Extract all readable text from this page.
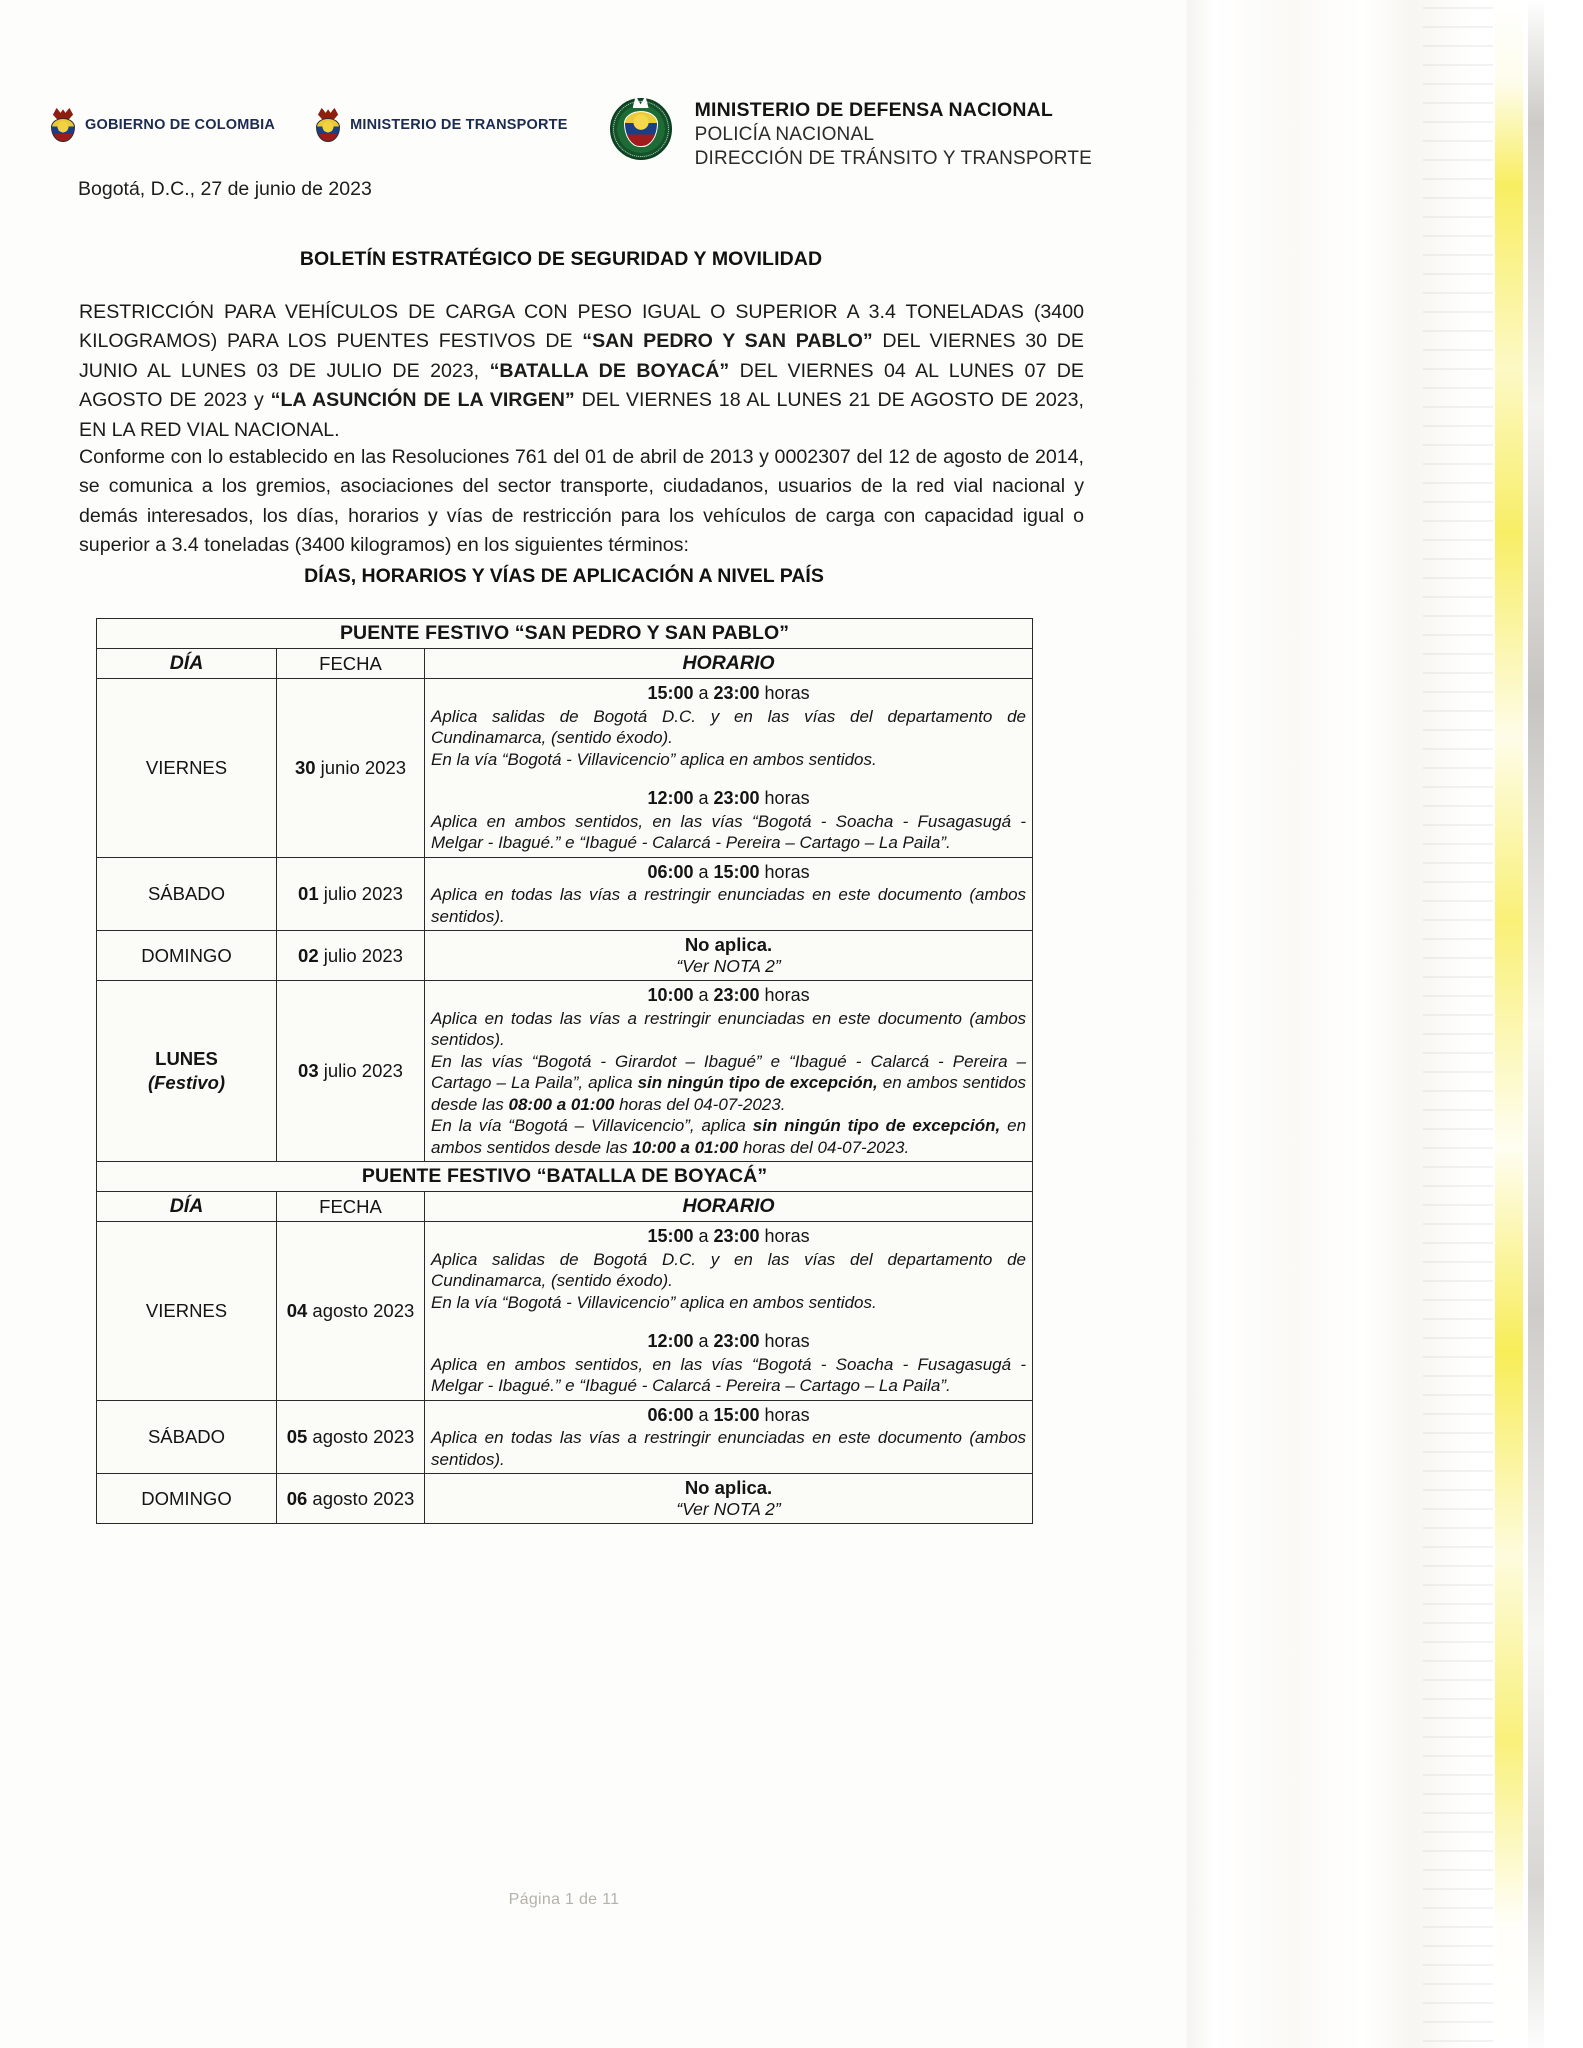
GOBIERNO DE COLOMBIA	MINISTERIO DE TRANSPORTE
MINISTERIO DE DEFENSA NACIONAL
POLICÍA NACIONAL
DIRECCIÓN DE TRÁNSITO Y TRANSPORTE
Bogotá, D.C., 27 de junio de 2023
BOLETÍN ESTRATÉGICO DE SEGURIDAD Y MOVILIDAD
RESTRICCIÓN PARA VEHÍCULOS DE CARGA CON PESO IGUAL O SUPERIOR A 3.4 TONELADAS (3400 KILOGRAMOS) PARA LOS PUENTES FESTIVOS DE “SAN PEDRO Y SAN PABLO” DEL VIERNES 30 DE JUNIO AL LUNES 03 DE JULIO DE 2023, “BATALLA DE BOYACÁ” DEL VIERNES 04 AL LUNES 07 DE AGOSTO DE 2023 y “LA ASUNCIÓN DE LA VIRGEN” DEL VIERNES 18 AL LUNES 21 DE AGOSTO DE 2023, EN LA RED VIAL NACIONAL.
Conforme con lo establecido en las Resoluciones 761 del 01 de abril de 2013 y 0002307 del 12 de agosto de 2014, se comunica a los gremios, asociaciones del sector transporte, ciudadanos, usuarios de la red vial nacional y demás interesados, los días, horarios y vías de restricción para los vehículos de carga con capacidad igual o superior a 3.4 toneladas (3400 kilogramos) en los siguientes términos:
DÍAS, HORARIOS Y VÍAS DE APLICACIÓN A NIVEL PAÍS
PUENTE FESTIVO “SAN PEDRO Y SAN PABLO”		
DÍA	FECHA	HORARIO
VIERNES	30 junio 2023	15:00 a 23:00 horas
Aplica salidas de Bogotá D.C. y en las vías del departamento de Cundinamarca, (sentido éxodo).
En la vía “Bogotá - Villavicencio” aplica en ambos sentidos.
12:00 a 23:00 horas
Aplica en ambos sentidos, en las vías “Bogotá - Soacha - Fusagasugá - Melgar - Ibagué.” e “Ibagué - Calarcá - Pereira – Cartago – La Paila”.

SÁBADO	01 julio 2023	06:00 a 15:00 horas
Aplica en todas las vías a restringir enunciadas en este documento (ambos sentidos).

DOMINGO	02 julio 2023	No aplica.
“Ver NOTA 2”

LUNES
(Festivo)	03 julio 2023	
10:00 a 23:00 horas
Aplica en todas las vías a restringir enunciadas en este documento (ambos sentidos).
En las vías “Bogotá - Girardot – Ibagué” e “Ibagué - Calarcá - Pereira – Cartago – La Paila”, aplica sin ningún tipo de excepción, en ambos sentidos desde las 08:00 a 01:00 horas del 04-07-2023.
En la vía “Bogotá – Villavicencio”, aplica sin ningún tipo de excepción, en ambos sentidos desde las 10:00 a 01:00 horas del 04-07-2023.

PUENTE FESTIVO “BATALLA DE BOYACÁ”		
DÍA	FECHA	HORARIO
VIERNES	04 agosto 2023	15:00 a 23:00 horas
Aplica salidas de Bogotá D.C. y en las vías del departamento de Cundinamarca, (sentido éxodo).
En la vía “Bogotá - Villavicencio” aplica en ambos sentidos.
12:00 a 23:00 horas
Aplica en ambos sentidos, en las vías “Bogotá - Soacha - Fusagasugá - Melgar - Ibagué.” e “Ibagué - Calarcá - Pereira – Cartago – La Paila”.

SÁBADO	05 agosto 2023	06:00 a 15:00 horas
Aplica en todas las vías a restringir enunciadas en este documento (ambos sentidos).

DOMINGO	06 agosto 2023	No aplica.
“Ver NOTA 2”
Página 1 de 11
